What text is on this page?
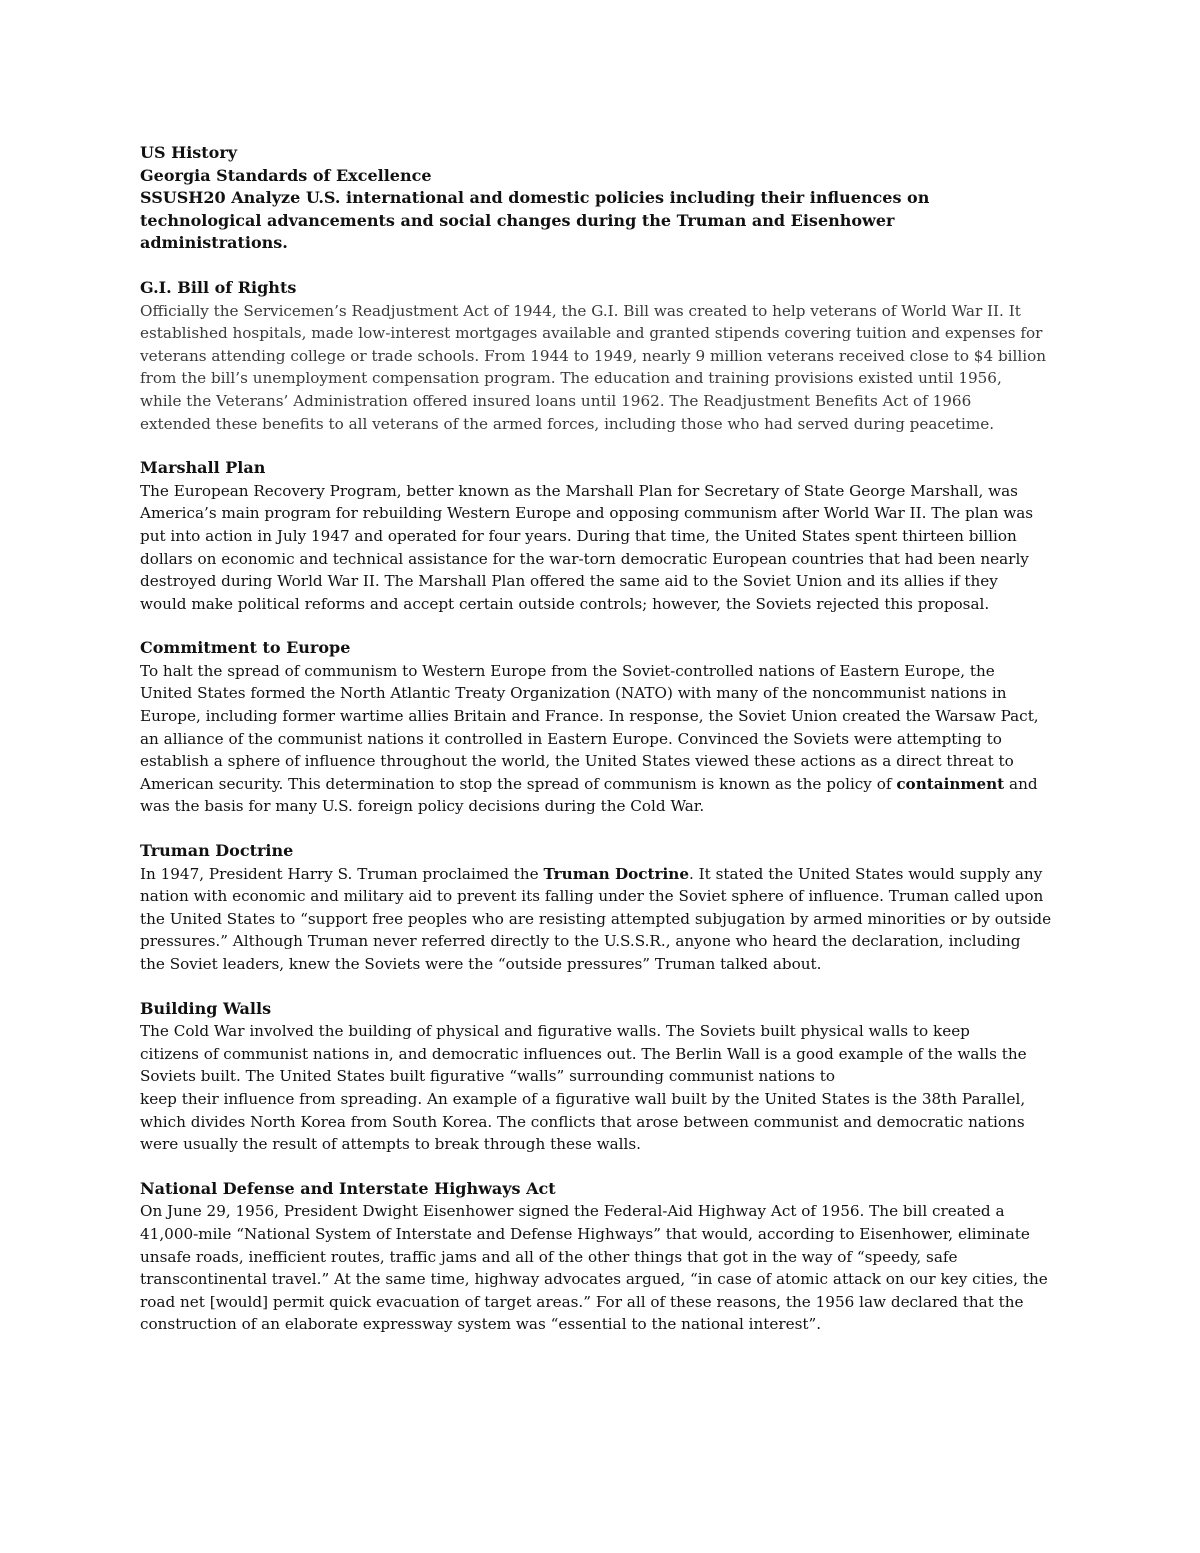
US History
Georgia Standards of Excellence
SSUSH20 Analyze U.S. international and domestic policies including their influences on technological advancements and social changes during the Truman and Eisenhower administrations.
G.I. Bill of Rights
Officially the Servicemen’s Readjustment Act of 1944, the G.I. Bill was created to help veterans of World War II. It
established hospitals, made low-interest mortgages available and granted stipends covering tuition and expenses for
veterans attending college or trade schools. From 1944 to 1949, nearly 9 million veterans received close to $4 billion
from the bill’s unemployment compensation program. The education and training provisions existed until 1956,
while the Veterans’ Administration offered insured loans until 1962. The Readjustment Benefits Act of 1966
extended these benefits to all veterans of the armed forces, including those who had served during peacetime.
Marshall Plan
The European Recovery Program, better known as the Marshall Plan for Secretary of State George Marshall, was
America’s main program for rebuilding Western Europe and opposing communism after World War II. The plan was
put into action in July 1947 and operated for four years. During that time, the United States spent thirteen billion
dollars on economic and technical assistance for the war-torn democratic European countries that had been nearly
destroyed during World War II. The Marshall Plan offered the same aid to the Soviet Union and its allies if they
would make political reforms and accept certain outside controls; however, the Soviets rejected this proposal.
Commitment to Europe
To halt the spread of communism to Western Europe from the Soviet-controlled nations of Eastern Europe, the
United States formed the North Atlantic Treaty Organization (NATO) with many of the noncommunist nations in
Europe, including former wartime allies Britain and France. In response, the Soviet Union created the Warsaw Pact,
an alliance of the communist nations it controlled in Eastern Europe. Convinced the Soviets were attempting to
establish a sphere of influence throughout the world, the United States viewed these actions as a direct threat to
American security. This determination to stop the spread of communism is known as the policy of containment and
was the basis for many U.S. foreign policy decisions during the Cold War.
Truman Doctrine
In 1947, President Harry S. Truman proclaimed the Truman Doctrine. It stated the United States would supply any
nation with economic and military aid to prevent its falling under the Soviet sphere of influence. Truman called upon
the United States to “support free peoples who are resisting attempted subjugation by armed minorities or by outside
pressures.” Although Truman never referred directly to the U.S.S.R., anyone who heard the declaration, including
the Soviet leaders, knew the Soviets were the “outside pressures” Truman talked about.
Building Walls
The Cold War involved the building of physical and figurative walls. The Soviets built physical walls to keep
citizens of communist nations in, and democratic influences out. The Berlin Wall is a good example of the walls the
Soviets built. The United States built figurative “walls” surrounding communist nations to
keep their influence from spreading. An example of a figurative wall built by the United States is the 38th Parallel,
which divides North Korea from South Korea. The conflicts that arose between communist and democratic nations
were usually the result of attempts to break through these walls.
National Defense and Interstate Highways Act
On June 29, 1956, President Dwight Eisenhower signed the Federal-Aid Highway Act of 1956. The bill created a
41,000-mile “National System of Interstate and Defense Highways” that would, according to Eisenhower, eliminate
unsafe roads, inefficient routes, traffic jams and all of the other things that got in the way of “speedy, safe
transcontinental travel.” At the same time, highway advocates argued, “in case of atomic attack on our key cities, the
road net [would] permit quick evacuation of target areas.” For all of these reasons, the 1956 law declared that the
construction of an elaborate expressway system was “essential to the national interest”.
